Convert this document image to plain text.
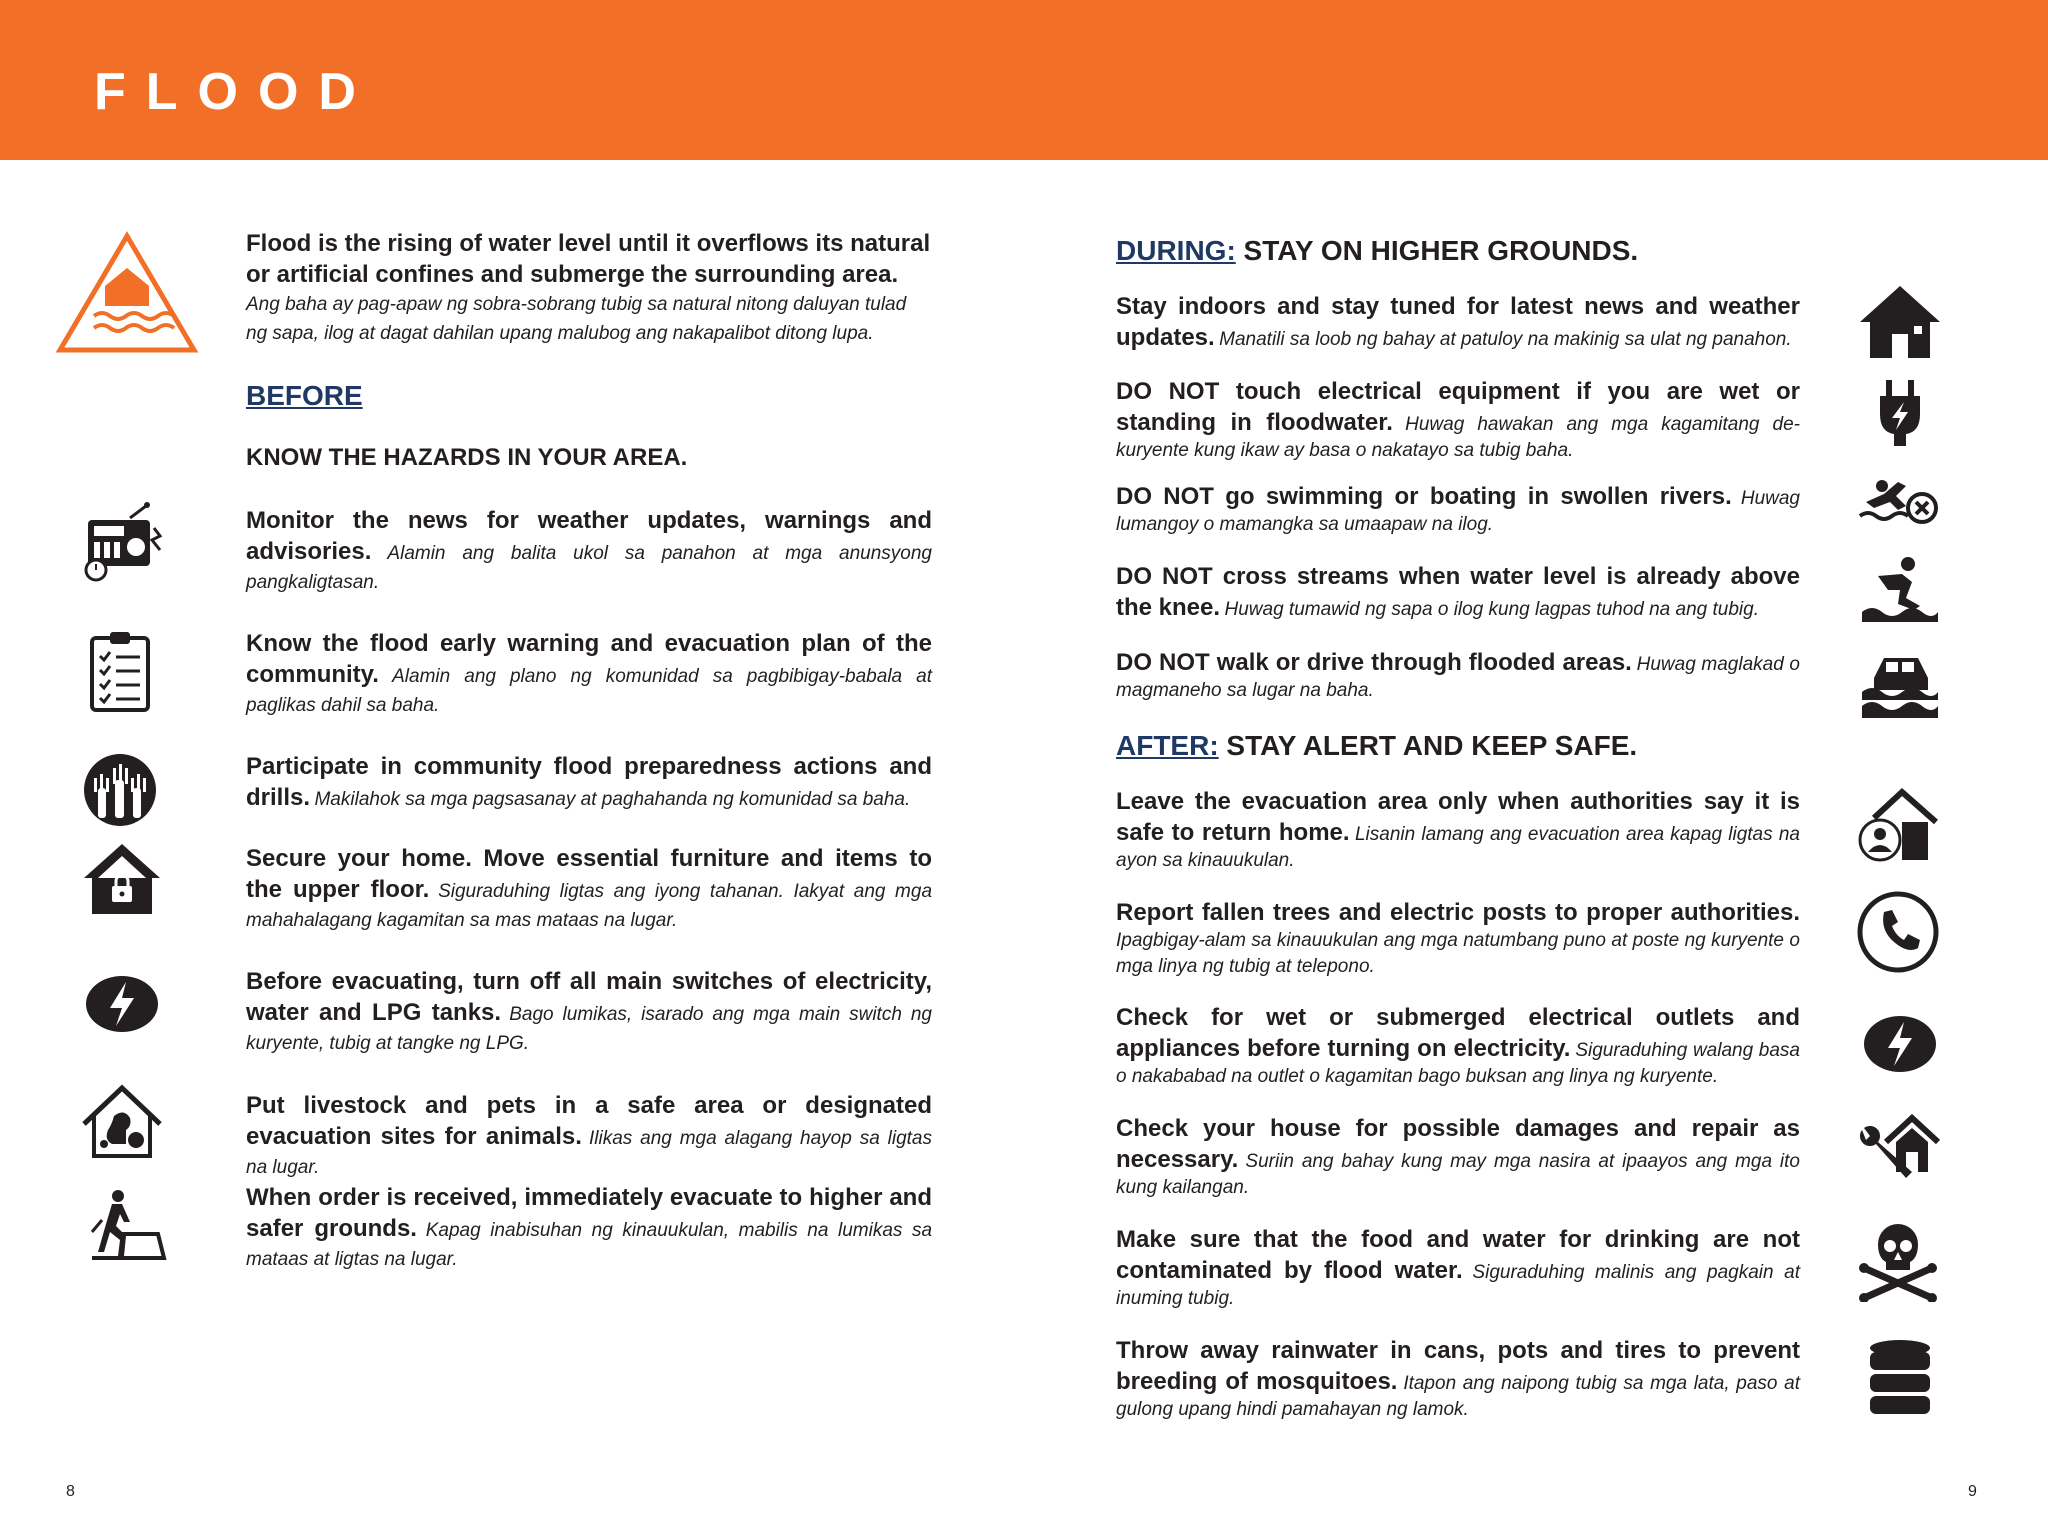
FLOOD
Flood is the rising of water level until it overflows its natural or artificial confines and submerge the surrounding area.
Ang baha ay pag-apaw ng sobra-sobrang tubig sa natural nitong daluyan tulad ng sapa, ilog at dagat dahilan upang malubog ang nakapalibot ditong lupa.
BEFORE
KNOW THE HAZARDS IN YOUR AREA.
Monitor the news for weather updates, warnings and advisories. Alamin ang balita ukol sa panahon at mga anunsyong pangkaligtasan.
Know the flood early warning and evacuation plan of the community. Alamin ang plano ng komunidad sa pagbibigay-babala at paglikas dahil sa baha.
Participate in community flood preparedness actions and drills. Makilahok sa mga pagsasanay at paghahanda ng komunidad sa baha.
Secure your home. Move essential furniture and items to the upper floor. Siguraduhing ligtas ang iyong tahanan. Iakyat ang mga mahahalagang kagamitan sa mas mataas na lugar.
Before evacuating, turn off all main switches of electricity, water and LPG tanks. Bago lumikas, isarado ang mga main switch ng kuryente, tubig at tangke ng LPG.
Put livestock and pets in a safe area or designated evacuation sites for animals. Ilikas ang mga alagang hayop sa ligtas na lugar.
When order is received, immediately evacuate to higher and safer grounds. Kapag inabisuhan ng kinauukulan, mabilis na lumikas sa mataas at ligtas na lugar.
DURING: STAY ON HIGHER GROUNDS.
Stay indoors and stay tuned for latest news and weather updates. Manatili sa loob ng bahay at patuloy na makinig sa ulat ng panahon.
DO NOT touch electrical equipment if you are wet or standing in floodwater. Huwag hawakan ang mga kagamitang de-kuryente kung ikaw ay basa o nakatayo sa tubig baha.
DO NOT go swimming or boating in swollen rivers. Huwag lumangoy o mamangka sa umaapaw na ilog.
DO NOT cross streams when water level is already above the knee. Huwag tumawid ng sapa o ilog kung lagpas tuhod na ang tubig.
DO NOT walk or drive through flooded areas. Huwag maglakad o magmaneho sa lugar na baha.
AFTER: STAY ALERT AND KEEP SAFE.
Leave the evacuation area only when authorities say it is safe to return home. Lisanin lamang ang evacuation area kapag ligtas na ayon sa kinauukulan.
Report fallen trees and electric posts to proper authorities. Ipagbigay-alam sa kinauukulan ang mga natumbang puno at poste ng kuryente o mga linya ng tubig at telepono.
Check for wet or submerged electrical outlets and appliances before turning on electricity. Siguraduhing walang basa o nakababad na outlet o kagamitan bago buksan ang linya ng kuryente.
Check your house for possible damages and repair as necessary. Suriin ang bahay kung may mga nasira at ipaayos ang mga ito kung kailangan.
Make sure that the food and water for drinking are not contaminated by flood water. Siguraduhing malinis ang pagkain at inuming tubig.
Throw away rainwater in cans, pots and tires to prevent breeding of mosquitoes. Itapon ang naipong tubig sa mga lata, paso at gulong upang hindi pamahayan ng lamok.
8	9
